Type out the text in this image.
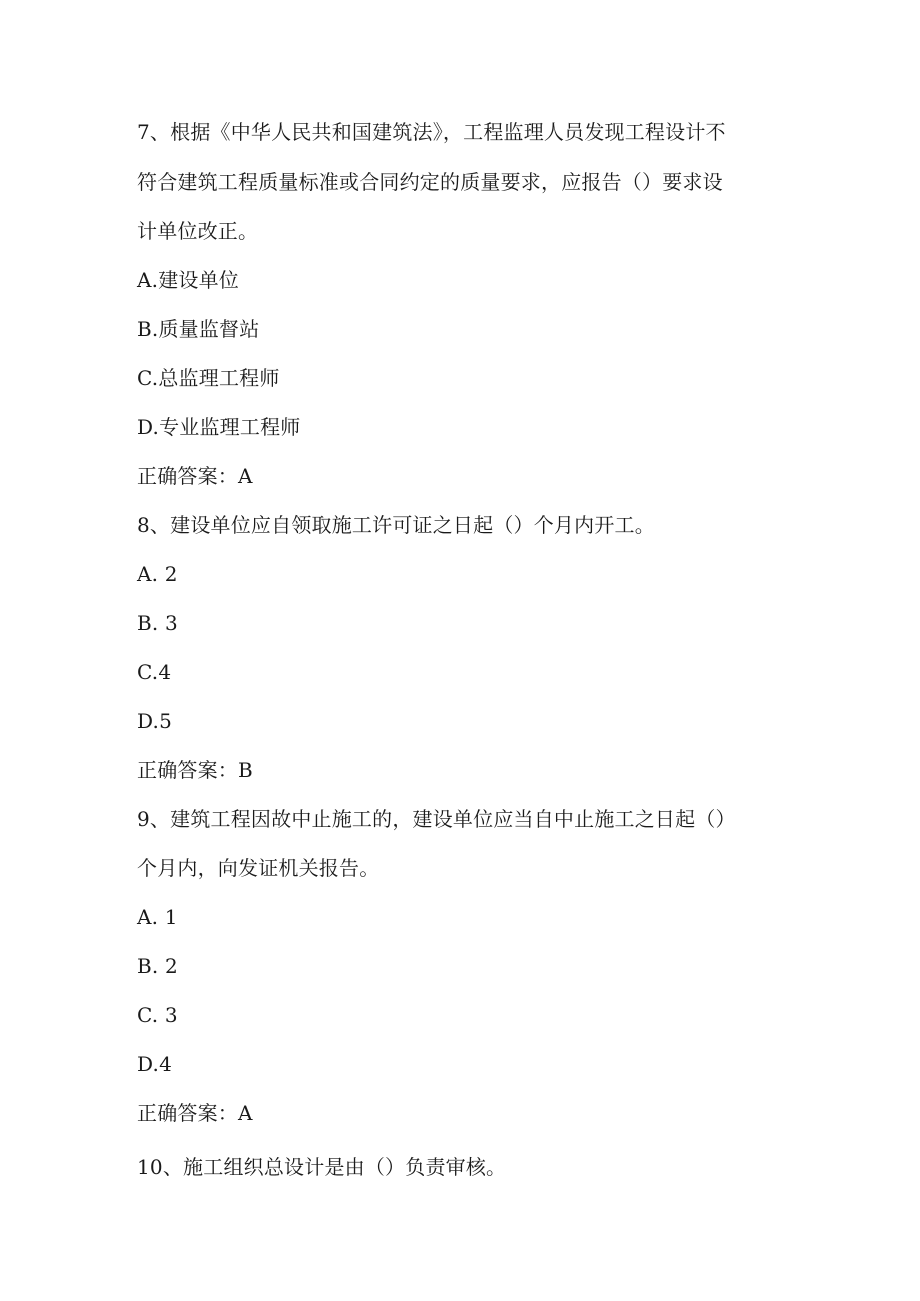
7、根据《中华人民共和国建筑法》，工程监理人员发现工程设计不
符合建筑工程质量标准或合同约定的质量要求，应报告（）要求设
计单位改正。
A.建设单位
B.质量监督站
C.总监理工程师
D.专业监理工程师
正确答案：A
8、建设单位应自领取施工许可证之日起（）个月内开工。
A. 2
B. 3
C.4
D.5
正确答案：B
9、建筑工程因故中止施工的，建设单位应当自中止施工之日起（）
个月内，向发证机关报告。
A. 1
B. 2
C. 3
D.4
正确答案：A
10、施工组织总设计是由（）负责审核。
